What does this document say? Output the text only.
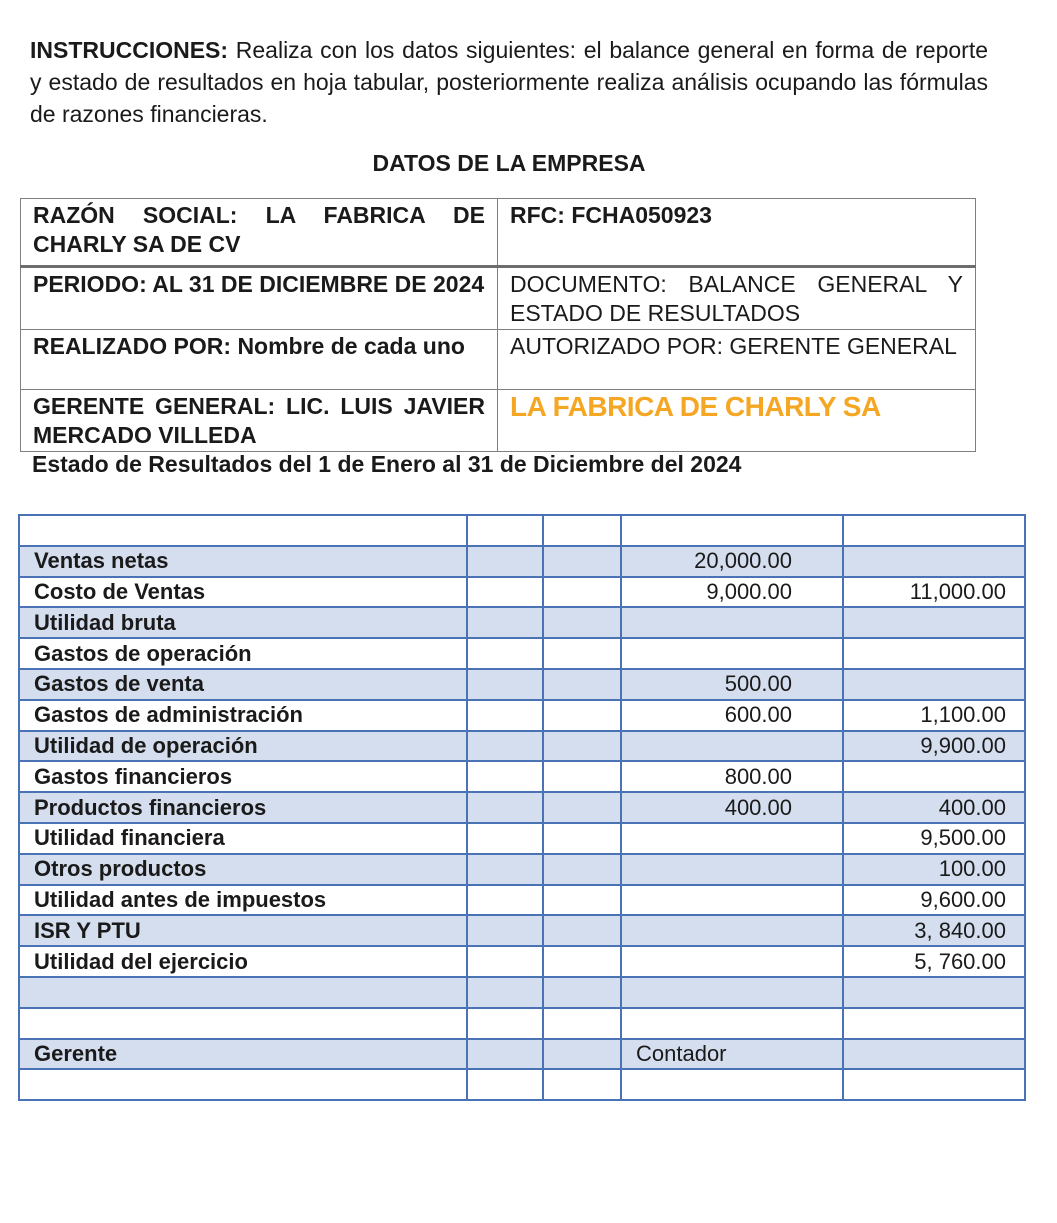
INSTRUCCIONES: Realiza con los datos siguientes: el balance general en forma de reporte y estado de resultados en hoja tabular, posteriormente realiza análisis ocupando las fórmulas de razones financieras.
DATOS DE LA EMPRESA
RAZÓN SOCIAL: LA FABRICA DE CHARLY SA DE CV	RFC: FCHA050923
PERIODO: AL 31 DE DICIEMBRE DE 2024	DOCUMENTO: BALANCE GENERAL Y ESTADO DE RESULTADOS
REALIZADO POR: Nombre de cada uno	AUTORIZADO POR: GERENTE GENERAL
GERENTE GENERAL: LIC. LUIS JAVIER MERCADO VILLEDA	LA FABRICA DE CHARLY SA
Estado de Resultados del 1 de Enero al 31 de Diciembre del 2024

Ventas netas			20,000.00	
Costo de Ventas			9,000.00	11,000.00
Utilidad bruta				
Gastos de operación				
Gastos de venta			500.00	
Gastos de administración			600.00	1,100.00
Utilidad de operación				9,900.00
Gastos financieros			800.00	
Productos financieros			400.00	400.00
Utilidad financiera				9,500.00
Otros productos				100.00
Utilidad antes de impuestos				9,600.00
ISR Y PTU				3, 840.00
Utilidad del ejercicio				5, 760.00

Gerente			Contador	
